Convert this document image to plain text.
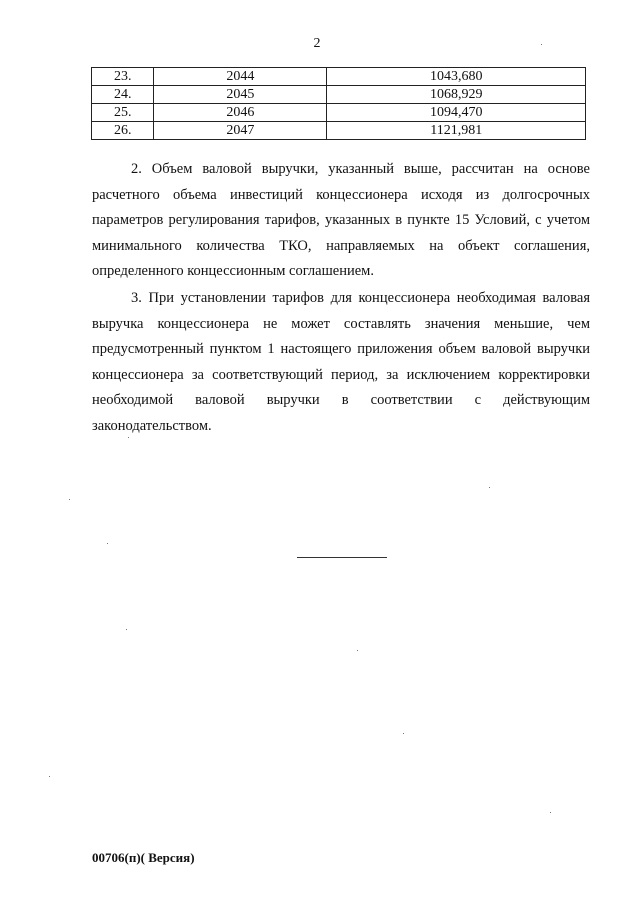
2
23.	2044	1043,680
24.	2045	1068,929
25.	2046	1094,470
26.	2047	1121,981

2. Объем валовой выручки, указанный выше, рассчитан на основе расчетного объема инвестиций концессионера исходя из долгосрочных параметров регулирования тарифов, указанных в пункте 15 Условий, с учетом минимального количества ТКО, направляемых на объект соглашения, определенного концессионным соглашением.

3. При установлении тарифов для концессионера необходимая валовая выручка концессионера не может составлять значения меньшие, чем предусмотренный пунктом 1 настоящего приложения объем валовой выручки концессионера за соответствующий период, за исключением корректировки необходимой валовой выручки в соответствии с действующим законодательством.

00706(п)( Версия)
